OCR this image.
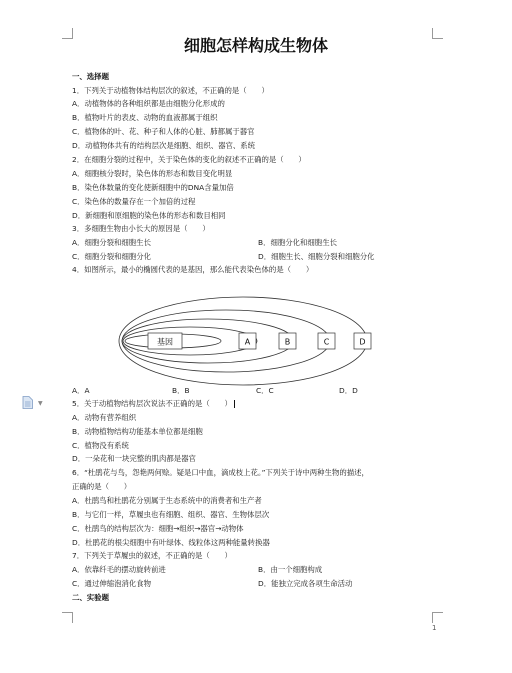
细胞怎样构成生物体
一、选择题
1．下列关于动植物体结构层次的叙述，不正确的是（　　）
A．动植物体的各种组织都是由细胞分化形成的
B．植物叶片的表皮、动物的血液都属于组织
C．植物体的叶、花、种子和人体的心脏、肺都属于器官
D．动植物体共有的结构层次是细胞、组织、器官、系统
2．在细胞分裂的过程中，关于染色体的变化的叙述不正确的是（　　）
A．细胞核分裂时，染色体的形态和数目变化明显
B．染色体数量的变化使新细胞中的DNA含量加倍
C．染色体的数量存在一个加倍的过程
D．新细胞和原细胞的染色体的形态和数目相同
3．多细胞生物由小长大的原因是（　　）
A．细胞分裂和细胞生长	B．细胞分化和细胞生长
C．细胞分裂和细胞分化	D．细胞生长、细胞分裂和细胞分化
4．如图所示，最小的椭圆代表的是基因，那么能代表染色体的是（　　）
基因	A	B	C	D
A．A	B．B	C．C	D．D
▼	5．关于动植物结构层次说法不正确的是（　　）
A．动物有营养组织
B．动物植物结构功能基本单位都是细胞
C．植物没有系统
D．一朵花和一块完整的肌肉都是器官
6．“杜鹃花与鸟，怨艳两何赊。疑是口中血，滴成枝上花。”下列关于诗中两种生物的描述，
正确的是（　　）
A．杜鹃鸟和杜鹃花分别属于生态系统中的消费者和生产者
B．与它们一样，草履虫也有细胞、组织、器官、生物体层次
C．杜鹃鸟的结构层次为：细胞→组织→器官→动物体
D．杜鹃花的根尖细胞中有叶绿体、线粒体这两种能量转换器
7．下列关于草履虫的叙述，不正确的是（　　）
A．依靠纤毛的摆动旋转前进	B．由一个细胞构成
C．通过伸缩泡消化食物	D．能独立完成各项生命活动
二、实验题
1
